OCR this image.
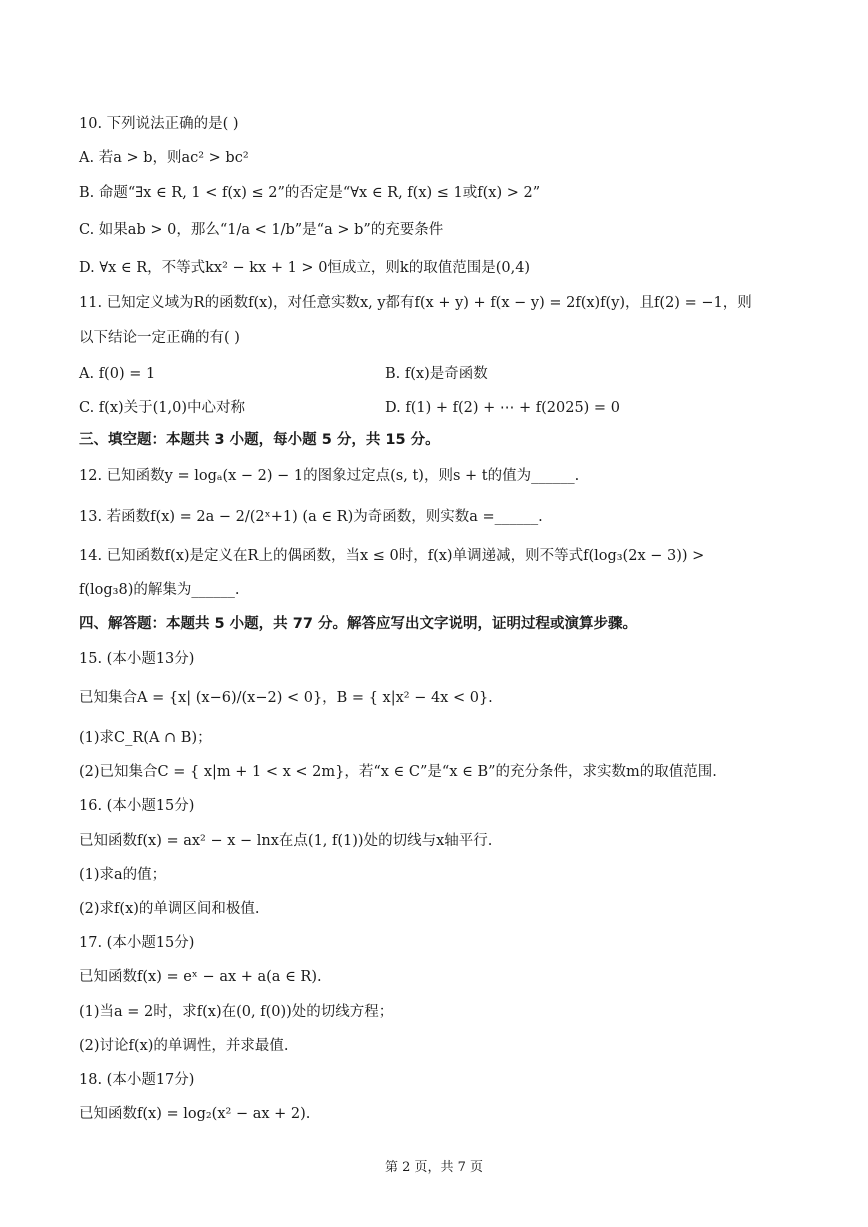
10. 下列说法正确的是( )
A. 若a > b，则ac² > bc²
B. 命题“∃x ∈ R, 1 < f(x) ≤ 2”的否定是“∀x ∈ R, f(x) ≤ 1或f(x) > 2”
C. 如果ab > 0，那么“1/a < 1/b”是“a > b”的充要条件
D. ∀x ∈ R，不等式kx² − kx + 1 > 0恒成立，则k的取值范围是(0,4)
11. 已知定义域为R的函数f(x)，对任意实数x, y都有f(x + y) + f(x − y) = 2f(x)f(y)，且f(2) = −1，则
以下结论一定正确的有( )
A. f(0) = 1	B. f(x)是奇函数
C. f(x)关于(1,0)中心对称	D. f(1) + f(2) + ⋯ + f(2025) = 0
三、填空题：本题共 3 小题，每小题 5 分，共 15 分。
12. 已知函数y = logₐ(x − 2) − 1的图象过定点(s, t)，则s + t的值为______.
13. 若函数f(x) = 2a − 2/(2ˣ+1) (a ∈ R)为奇函数，则实数a =______.
14. 已知函数f(x)是定义在R上的偶函数，当x ≤ 0时，f(x)单调递减，则不等式f(log₃(2x − 3)) >
f(log₃8)的解集为______.
四、解答题：本题共 5 小题，共 77 分。解答应写出文字说明，证明过程或演算步骤。
15. (本小题13分)
已知集合A = {x| (x−6)/(x−2) < 0}，B = { x|x² − 4x < 0}.
(1)求C_R(A ∩ B)；
(2)已知集合C = { x|m + 1 < x < 2m}，若“x ∈ C”是“x ∈ B”的充分条件，求实数m的取值范围.
16. (本小题15分)
已知函数f(x) = ax² − x − lnx在点(1, f(1))处的切线与x轴平行.
(1)求a的值；
(2)求f(x)的单调区间和极值.
17. (本小题15分)
已知函数f(x) = eˣ − ax + a(a ∈ R).
(1)当a = 2时，求f(x)在(0, f(0))处的切线方程；
(2)讨论f(x)的单调性，并求最值.
18. (本小题17分)
已知函数f(x) = log₂(x² − ax + 2).
第 2 页，共 7 页
